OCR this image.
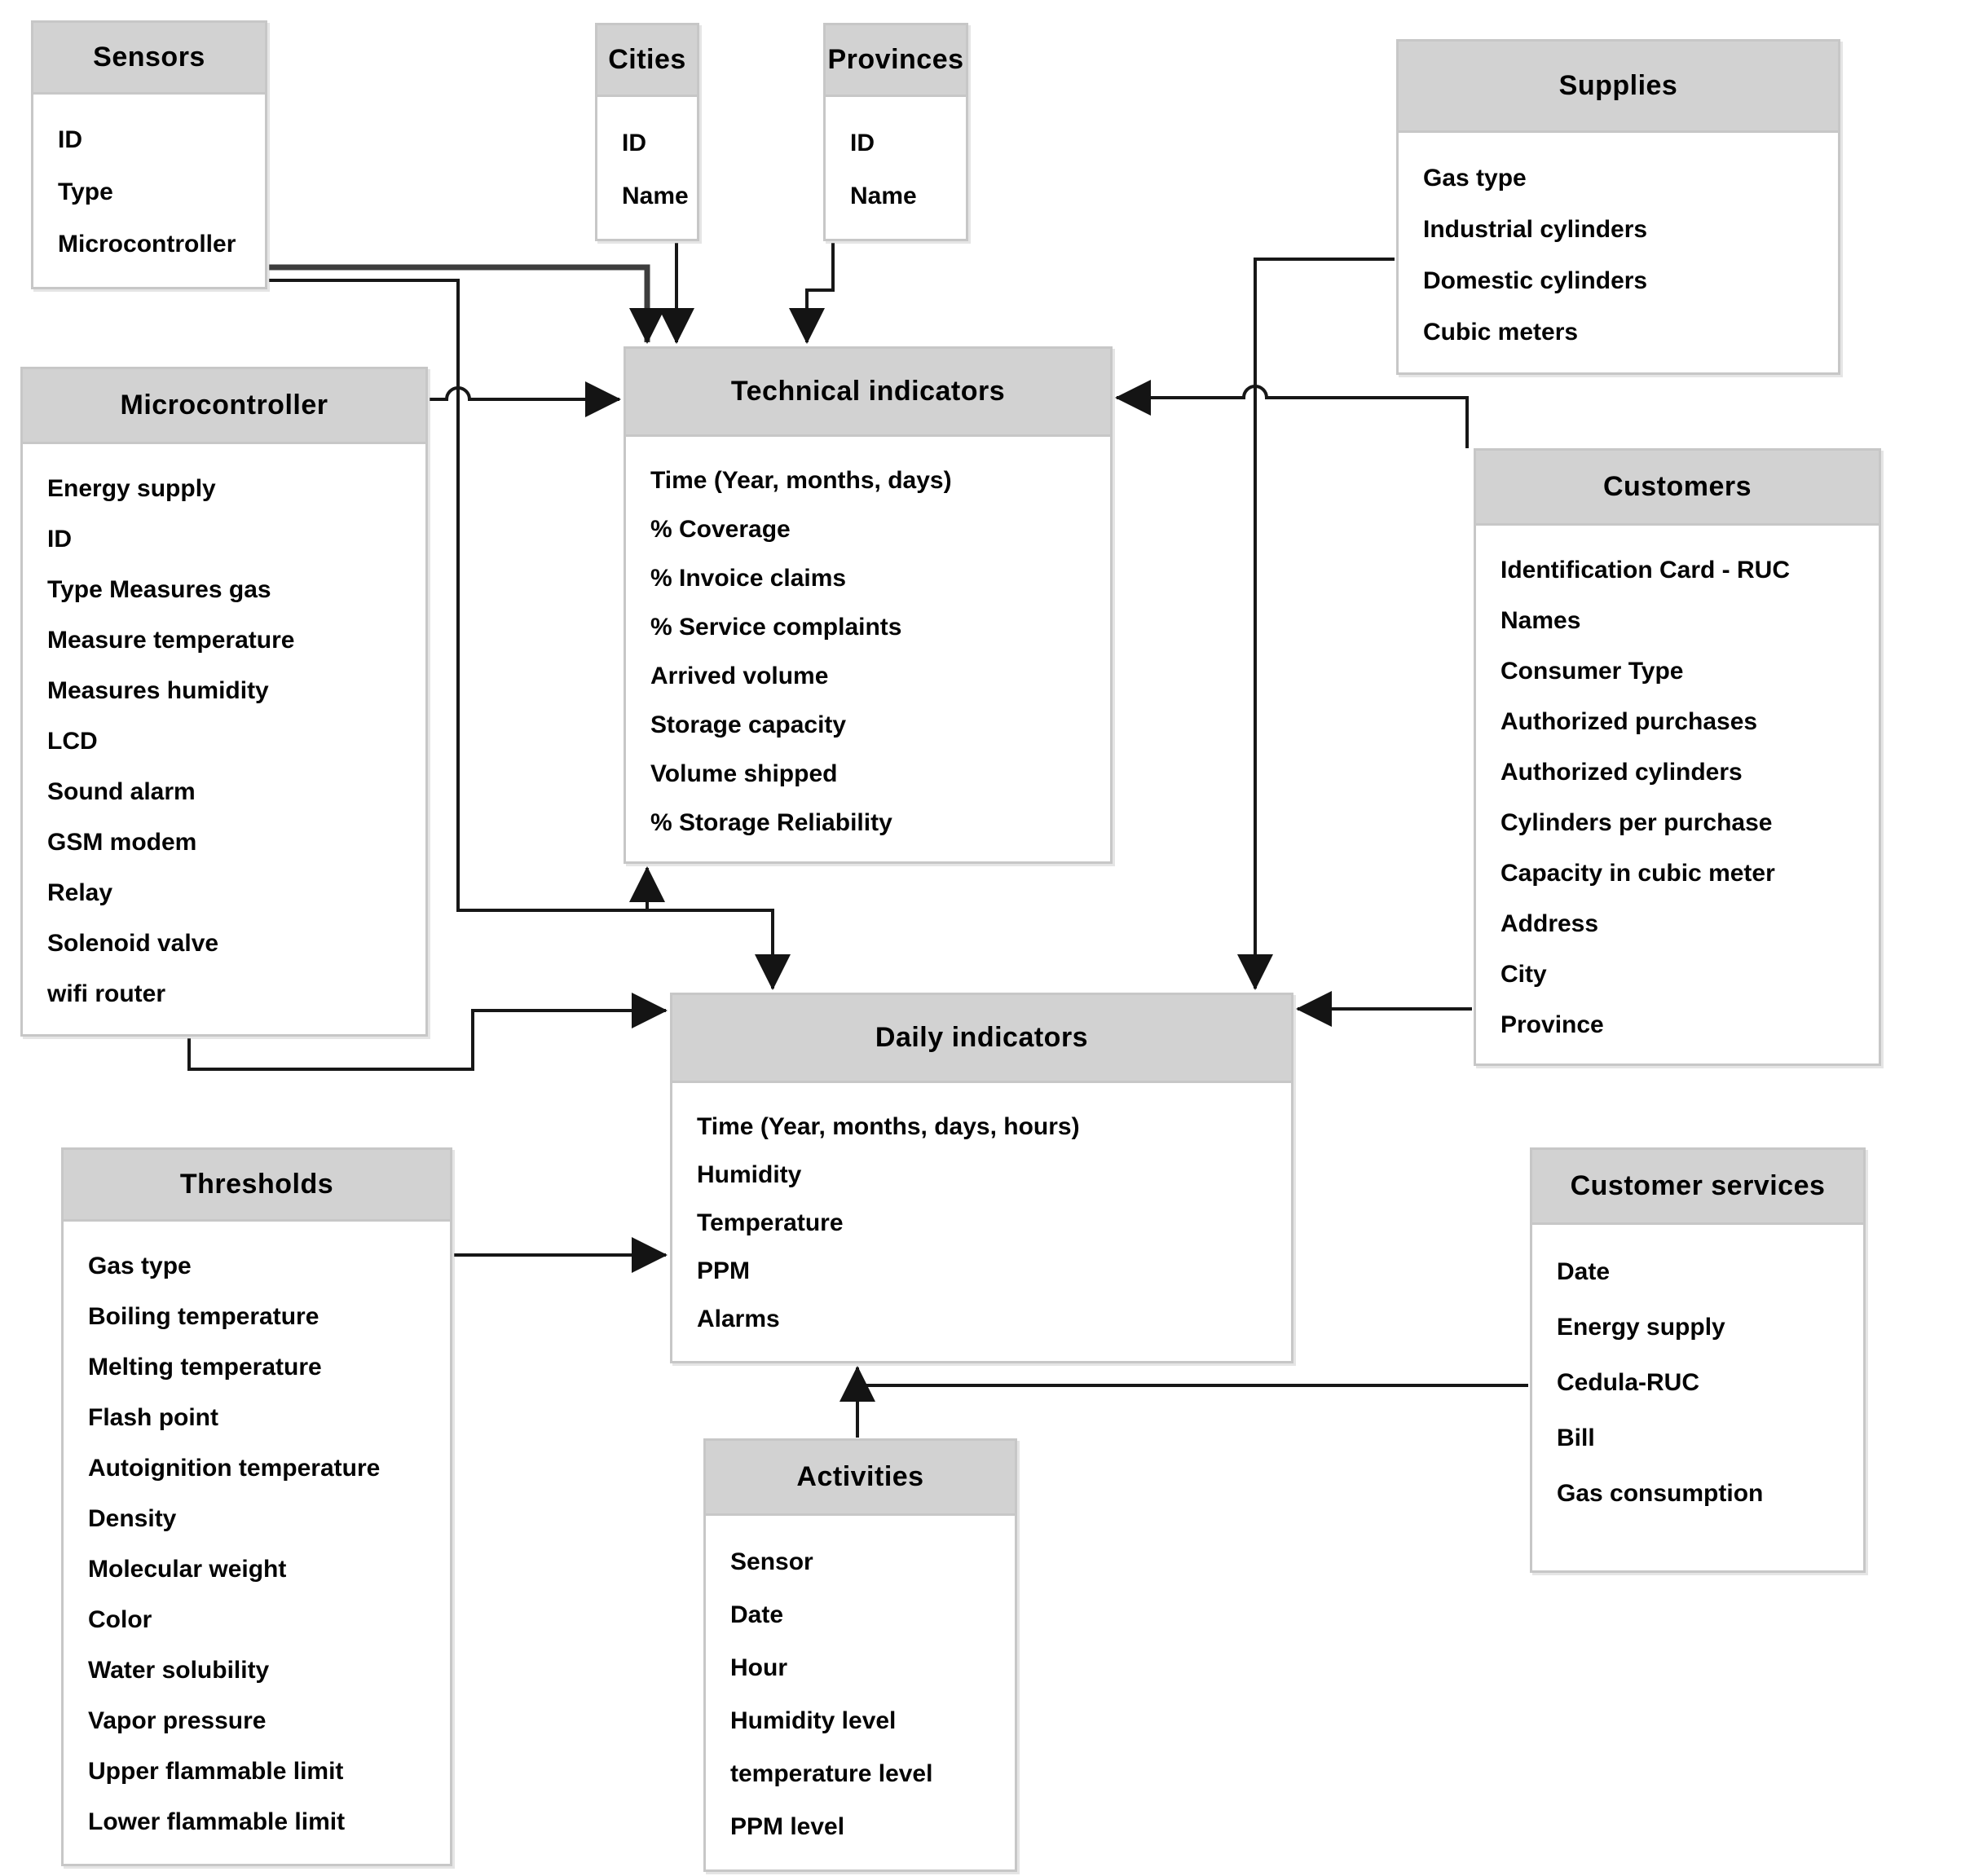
Sensors
ID
Type
Microcontroller
Cities
ID
Name
Provinces
ID
Name
Supplies
Gas type
Industrial cylinders
Domestic cylinders
Cubic meters
Microcontroller
Energy supply
ID
Type Measures gas
Measure temperature
Measures humidity
LCD
Sound alarm
GSM modem
Relay
Solenoid valve
wifi router
Technical indicators
Time (Year, months, days)
% Coverage
% Invoice claims
% Service complaints
Arrived volume
Storage capacity
Volume shipped
% Storage Reliability
Customers
Identification Card - RUC
Names
Consumer Type
Authorized purchases
Authorized cylinders
Cylinders per purchase
Capacity in cubic meter
Address
City
Province
Daily indicators
Time (Year, months, days, hours)
Humidity
Temperature
PPM
Alarms
Thresholds
Gas type
Boiling temperature
Melting temperature
Flash point
Autoignition temperature
Density
Molecular weight
Color
Water solubility
Vapor pressure
Upper flammable limit
Lower flammable limit
Customer services
Date
Energy supply
Cedula-RUC
Bill
Gas consumption
Activities
Sensor
Date
Hour
Humidity level
temperature level
PPM level
